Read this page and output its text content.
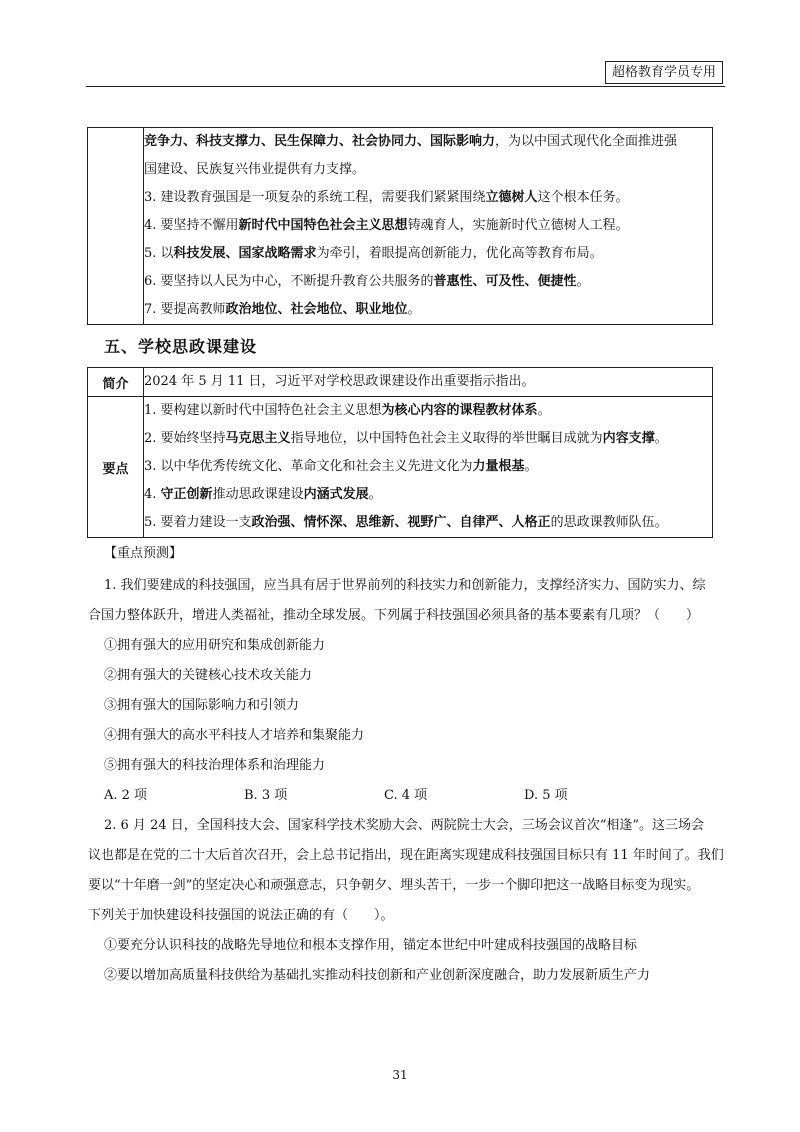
超格教育学员专用

竞争力、科技支撑力、民生保障力、社会协同力、国际影响力，为以中国式现代化全面推进强
国建设、民族复兴伟业提供有力支撑。
3. 建设教育强国是一项复杂的系统工程，需要我们紧紧围绕立德树人这个根本任务。
4. 要坚持不懈用新时代中国特色社会主义思想铸魂育人，实施新时代立德树人工程。
5. 以科技发展、国家战略需求为牵引，着眼提高创新能力，优化高等教育布局。
6. 要坚持以人民为中心，不断提升教育公共服务的普惠性、可及性、便捷性。
7. 要提高教师政治地位、社会地位、职业地位。
五、学校思政课建设
简介	2024 年 5 月 11 日，习近平对学校思政课建设作出重要指示指出。

要点	1. 要构建以新时代中国特色社会主义思想为核心内容的课程教材体系。
2. 要始终坚持马克思主义指导地位，以中国特色社会主义取得的举世瞩目成就为内容支撑。
3. 以中华优秀传统文化、革命文化和社会主义先进文化为力量根基。
4. 守正创新推动思政课建设内涵式发展。
5. 要着力建设一支政治强、情怀深、思维新、视野广、自律严、人格正的思政课教师队伍。
【重点预测】
1. 我们要建成的科技强国，应当具有居于世界前列的科技实力和创新能力，支撑经济实力、国防实力、综
合国力整体跃升，增进人类福祉，推动全球发展。下列属于科技强国必须具备的基本要素有几项？（　　）
①拥有强大的应用研究和集成创新能力
②拥有强大的关键核心技术攻关能力
③拥有强大的国际影响力和引领力
④拥有强大的高水平科技人才培养和集聚能力
⑤拥有强大的科技治理体系和治理能力
A. 2 项	B. 3 项	C. 4 项	D. 5 项
2. 6 月 24 日，全国科技大会、国家科学技术奖励大会、两院院士大会，三场会议首次“相逢”。这三场会
议也都是在党的二十大后首次召开，会上总书记指出，现在距离实现建成科技强国目标只有 11 年时间了。我们
要以“十年磨一剑”的坚定决心和顽强意志，只争朝夕、埋头苦干，一步一个脚印把这一战略目标变为现实。
下列关于加快建设科技强国的说法正确的有（　　）。
①要充分认识科技的战略先导地位和根本支撑作用，锚定本世纪中叶建成科技强国的战略目标
②要以增加高质量科技供给为基础扎实推动科技创新和产业创新深度融合，助力发展新质生产力
31
